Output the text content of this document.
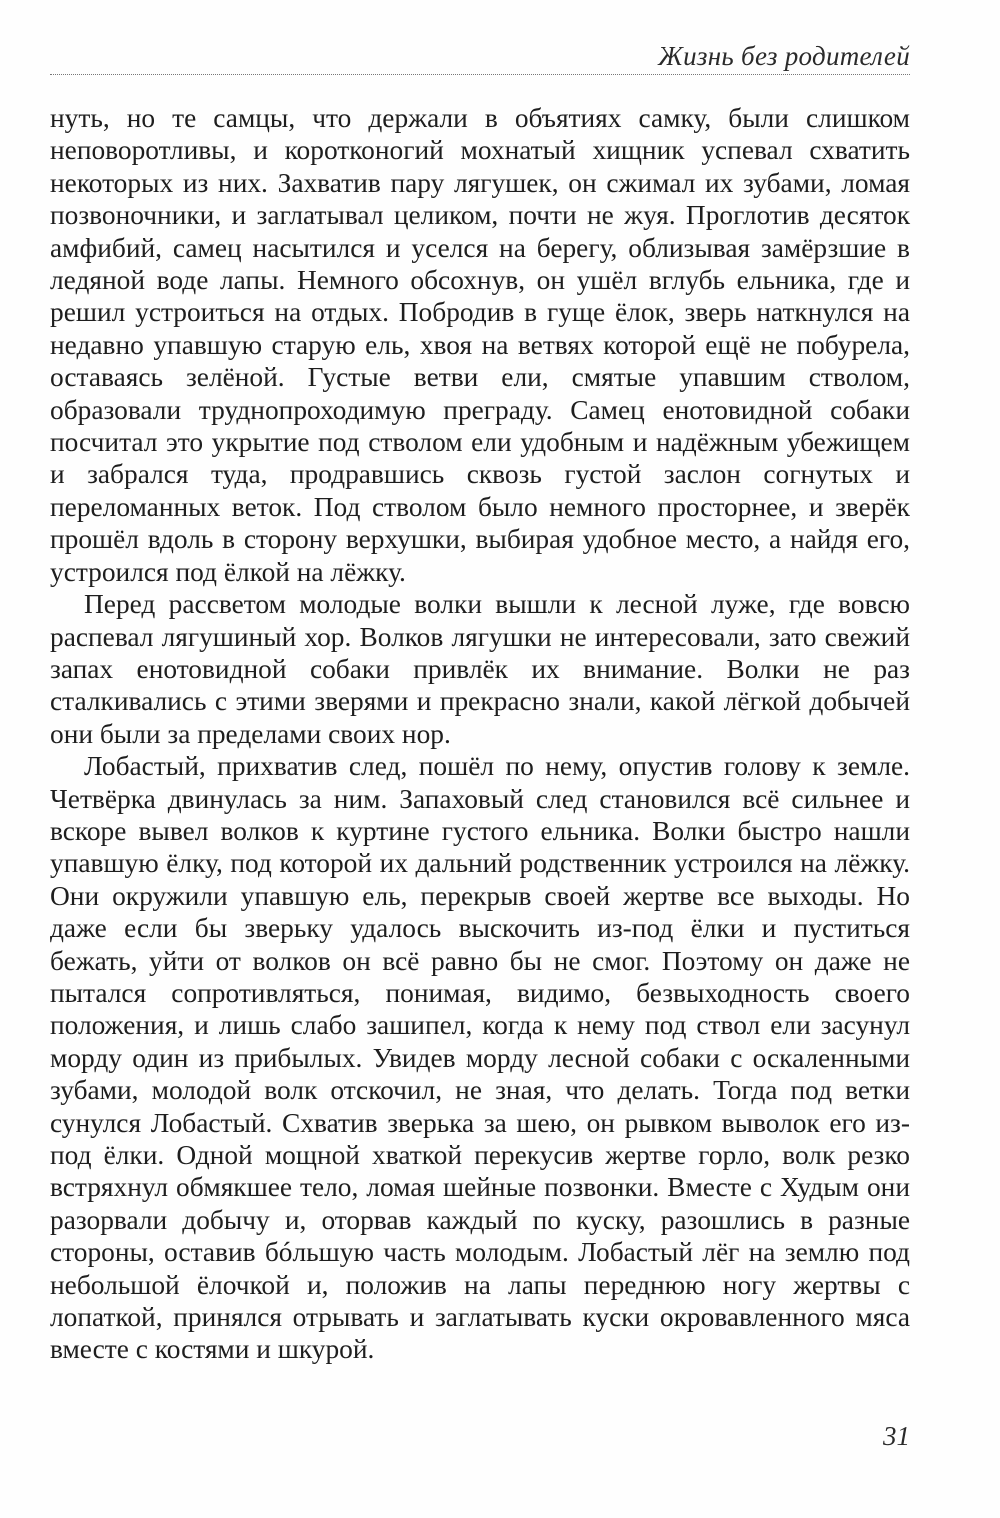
Жизнь без родителей

нуть, но те самцы, что держали в объятиях самку, были слишком неповоротливы, и коротконогий мохнатый хищник успевал схватить некоторых из них. Захватив пару лягушек, он сжимал их зубами, ломая позвоночники, и заглатывал целиком, почти не жуя. Проглотив десяток амфибий, самец насытился и уселся на берегу, облизывая замёрзшие в ледяной воде лапы. Немного обсохнув, он ушёл вглубь ельника, где и решил устроиться на отдых. Побродив в гуще ёлок, зверь наткнулся на недавно упавшую старую ель, хвоя на ветвях которой ещё не побурела, оставаясь зелёной. Густые ветви ели, смятые упавшим стволом, образовали труднопроходимую преграду. Самец енотовидной собаки посчитал это укрытие под стволом ели удобным и надёжным убежищем и забрался туда, продравшись сквозь густой заслон согнутых и переломанных веток. Под стволом было немного просторнее, и зверёк прошёл вдоль в сторону верхушки, выбирая удобное место, а найдя его, устроился под ёлкой на лёжку.

Перед рассветом молодые волки вышли к лесной луже, где вовсю распевал лягушиный хор. Волков лягушки не интересовали, зато свежий запах енотовидной собаки привлёк их внимание. Волки не раз сталкивались с этими зверями и прекрасно знали, какой лёгкой добычей они были за пределами своих нор.

Лобастый, прихватив след, пошёл по нему, опустив голову к земле. Четвёрка двинулась за ним. Запаховый след становился всё сильнее и вскоре вывел волков к куртине густого ельника. Волки быстро нашли упавшую ёлку, под которой их дальний родственник устроился на лёжку. Они окружили упавшую ель, перекрыв своей жертве все выходы. Но даже если бы зверьку удалось выскочить из-под ёлки и пуститься бежать, уйти от волков он всё равно бы не смог. Поэтому он даже не пытался сопротивляться, понимая, видимо, безвыходность своего положения, и лишь слабо зашипел, когда к нему под ствол ели засунул морду один из прибылых. Увидев морду лесной собаки с оскаленными зубами, молодой волк отскочил, не зная, что делать. Тогда под ветки сунулся Лобастый. Схватив зверька за шею, он рывком выволок его из-под ёлки. Одной мощной хваткой перекусив жертве горло, волк резко встряхнул обмякшее тело, ломая шейные позвонки. Вместе с Худым они разорвали добычу и, оторвав каждый по куску, разошлись в разные стороны, оставив бóльшую часть молодым. Лобастый лёг на землю под небольшой ёлочкой и, положив на лапы переднюю ногу жертвы с лопаткой, принялся отрывать и заглатывать куски окровавленного мяса вместе с костями и шкурой.

31
